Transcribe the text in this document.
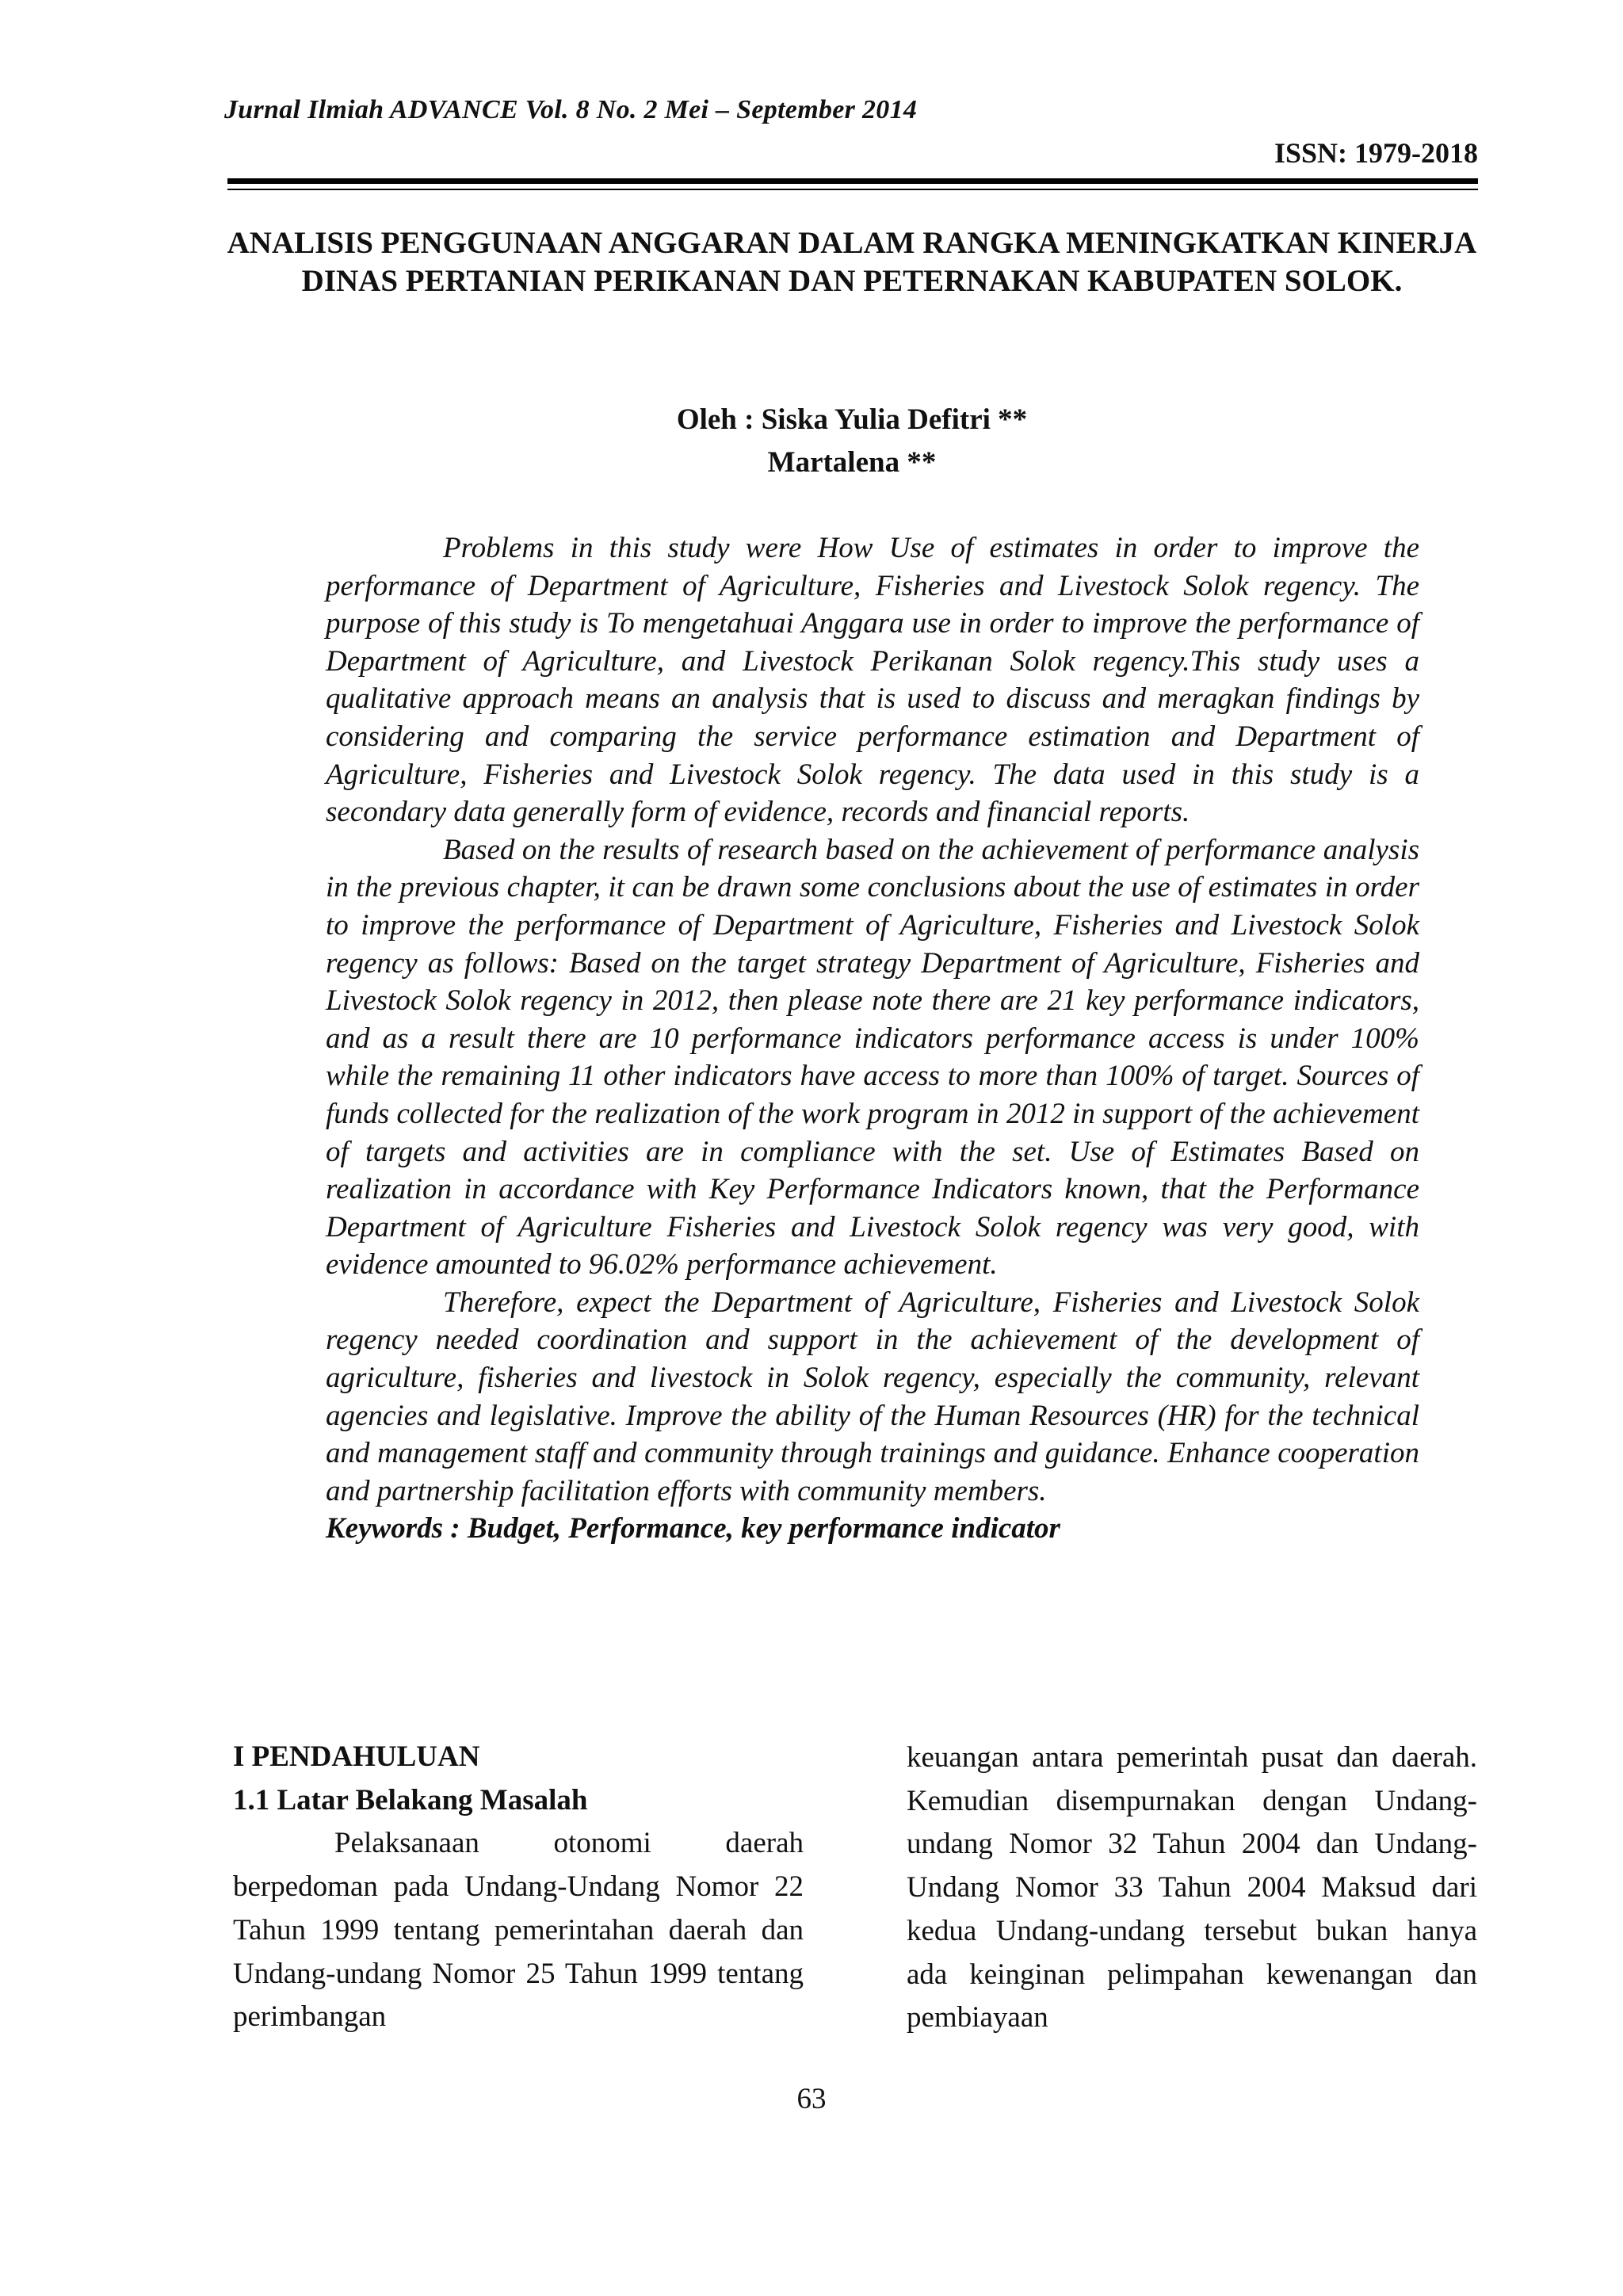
Jurnal Ilmiah ADVANCE Vol. 8 No. 2 Mei – September 2014
ISSN: 1979-2018
ANALISIS PENGGUNAAN ANGGARAN DALAM RANGKA MENINGKATKAN KINERJA DINAS PERTANIAN PERIKANAN DAN PETERNAKAN KABUPATEN SOLOK.
Oleh : Siska Yulia Defitri **
Martalena **

Problems in this study were How Use of estimates in order to improve the performance of Department of Agriculture, Fisheries and Livestock Solok regency. The purpose of this study is To mengetahuai Anggara use in order to improve the performance of Department of Agriculture, and Livestock Perikanan Solok regency.This study uses a qualitative approach means an analysis that is used to discuss and meragkan findings by considering and comparing the service performance estimation and Department of Agriculture, Fisheries and Livestock Solok regency. The data used in this study is a secondary data generally form of evidence, records and financial reports.

Based on the results of research based on the achievement of performance analysis in the previous chapter, it can be drawn some conclusions about the use of estimates in order to improve the performance of Department of Agriculture, Fisheries and Livestock Solok regency as follows: Based on the target strategy Department of Agriculture, Fisheries and Livestock Solok regency in 2012, then please note there are 21 key performance indicators, and as a result there are 10 performance indicators performance access is under 100% while the remaining 11 other indicators have access to more than 100% of target. Sources of funds collected for the realization of the work program in 2012 in support of the achievement of targets and activities are in compliance with the set. Use of Estimates Based on realization in accordance with Key Performance Indicators known, that the Performance Department of Agriculture Fisheries and Livestock Solok regency was very good, with evidence amounted to 96.02% performance achievement.

Therefore, expect the Department of Agriculture, Fisheries and Livestock Solok regency needed coordination and support in the achievement of the development of agriculture, fisheries and livestock in Solok regency, especially the community, relevant agencies and legislative. Improve the ability of the Human Resources (HR) for the technical and management staff and community through trainings and guidance. Enhance cooperation and partnership facilitation efforts with community members.

Keywords : Budget, Performance, key performance indicator
I PENDAHULUAN
1.1 Latar Belakang Masalah

Pelaksanaan otonomi daerah berpedoman pada Undang-Undang Nomor 22 Tahun 1999 tentang pemerintahan daerah dan Undang-undang Nomor 25 Tahun 1999 tentang perimbangan

keuangan antara pemerintah pusat dan daerah. Kemudian disempurnakan dengan Undang-undang Nomor 32 Tahun 2004 dan Undang-Undang Nomor 33 Tahun 2004 Maksud dari kedua Undang-undang tersebut bukan hanya ada keinginan pelimpahan kewenangan dan pembiayaan

63
